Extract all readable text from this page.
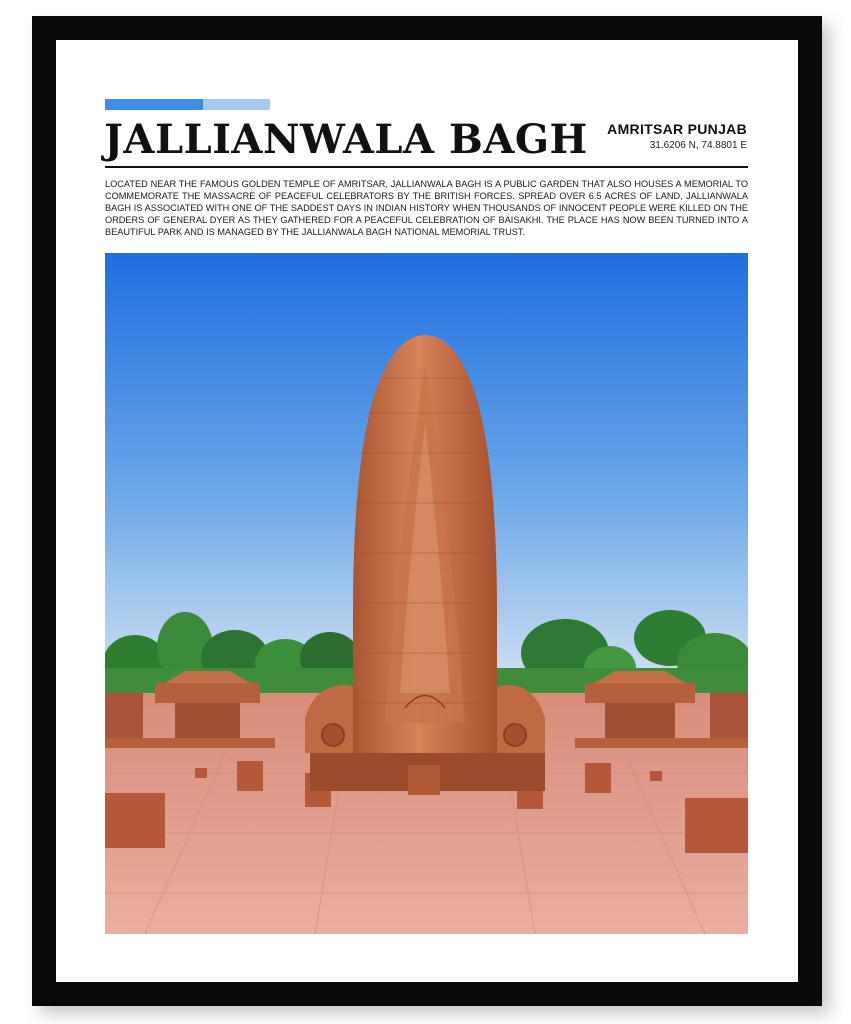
JALLIANWALA BAGH AMRITSAR PUNJAB
31.6206 N, 74.8801 E
LOCATED NEAR THE FAMOUS GOLDEN TEMPLE OF AMRITSAR, JALLIANWALA BAGH IS A PUBLIC GARDEN THAT ALSO HOUSES A MEMORIAL TO COMMEMORATE THE MASSACRE OF PEACEFUL CELEBRATORS BY THE BRITISH FORCES. SPREAD OVER 6.5 ACRES OF LAND, JALLIANWALA BAGH IS ASSOCIATED WITH ONE OF THE SADDEST DAYS IN INDIAN HISTORY WHEN THOUSANDS OF INNOCENT PEOPLE WERE KILLED ON THE ORDERS OF GENERAL DYER AS THEY GATHERED FOR A PEACEFUL CELEBRATION OF BAISAKHI. THE PLACE HAS NOW BEEN TURNED INTO A BEAUTIFUL PARK AND IS MANAGED BY THE JALLIANWALA BAGH NATIONAL MEMORIAL TRUST.
